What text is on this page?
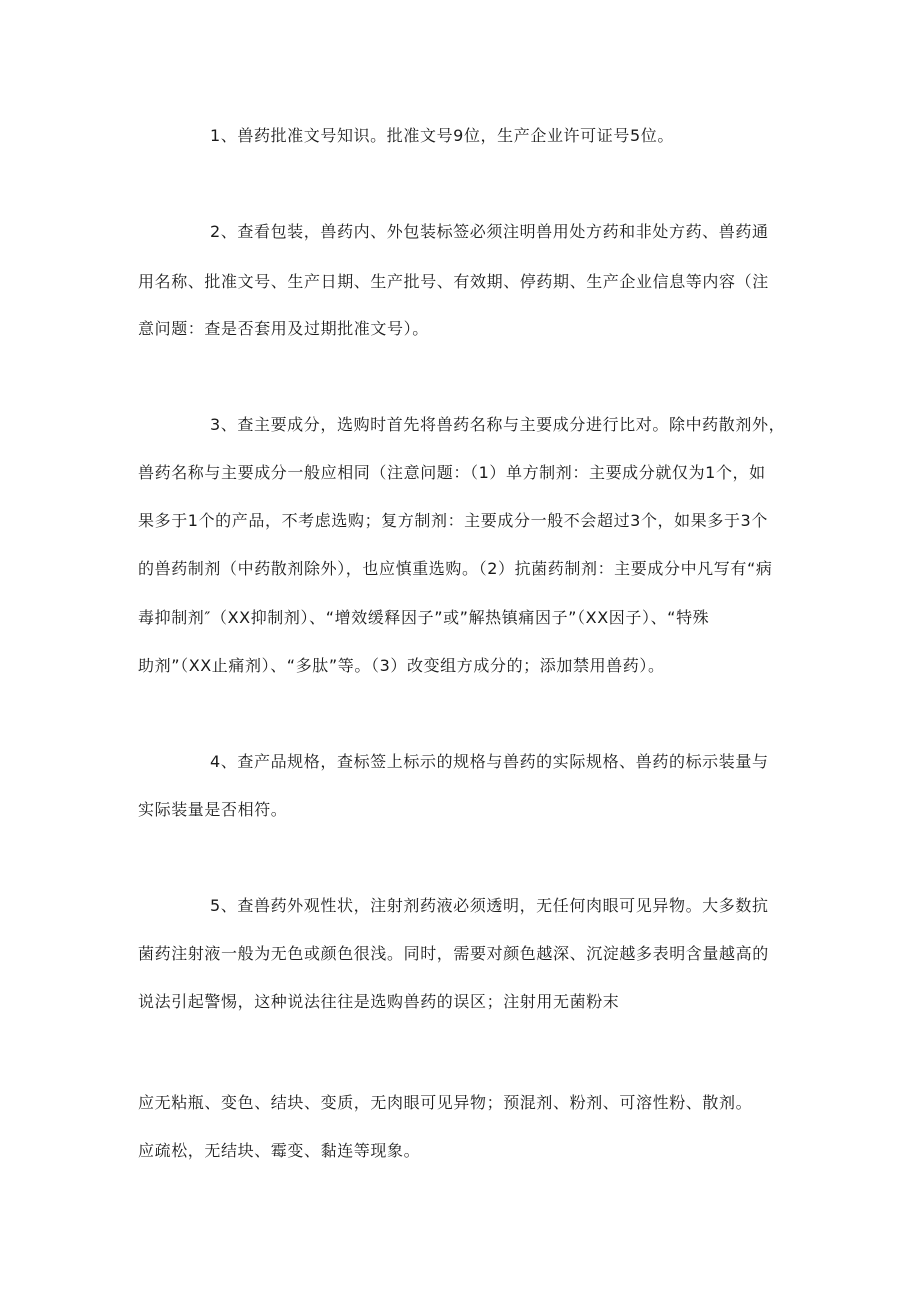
1、兽药批准文号知识。批准文号9位，生产企业许可证号5位。
2、查看包装，兽药内、外包装标签必须注明兽用处方药和非处方药、兽药通
用名称、批准文号、生产日期、生产批号、有效期、停药期、生产企业信息等内容（注
意问题：查是否套用及过期批准文号）。
3、查主要成分，选购时首先将兽药名称与主要成分进行比对。除中药散剂外，
兽药名称与主要成分一般应相同（注意问题：（1）单方制剂：主要成分就仅为1个，如
果多于1个的产品，不考虑选购；复方制剂：主要成分一般不会超过3个，如果多于3个
的兽药制剂（中药散剂除外），也应慎重选购。（2）抗菌药制剂：主要成分中凡写有“病
毒抑制剂″（XX抑制剂）、“增效缓释因子”或”解热镇痛因子”（XX因子）、“特殊
助剂”（XX止痛剂）、“多肽”等。（3）改变组方成分的；添加禁用兽药）。
4、查产品规格，查标签上标示的规格与兽药的实际规格、兽药的标示装量与
实际装量是否相符。
5、查兽药外观性状，注射剂药液必须透明，无任何肉眼可见异物。大多数抗
菌药注射液一般为无色或颜色很浅。同时，需要对颜色越深、沉淀越多表明含量越高的
说法引起警惕，这种说法往往是选购兽药的误区；注射用无菌粉末
应无粘瓶、变色、结块、变质，无肉眼可见异物；预混剂、粉剂、可溶性粉、散剂。
应疏松，无结块、霉变、黏连等现象。
